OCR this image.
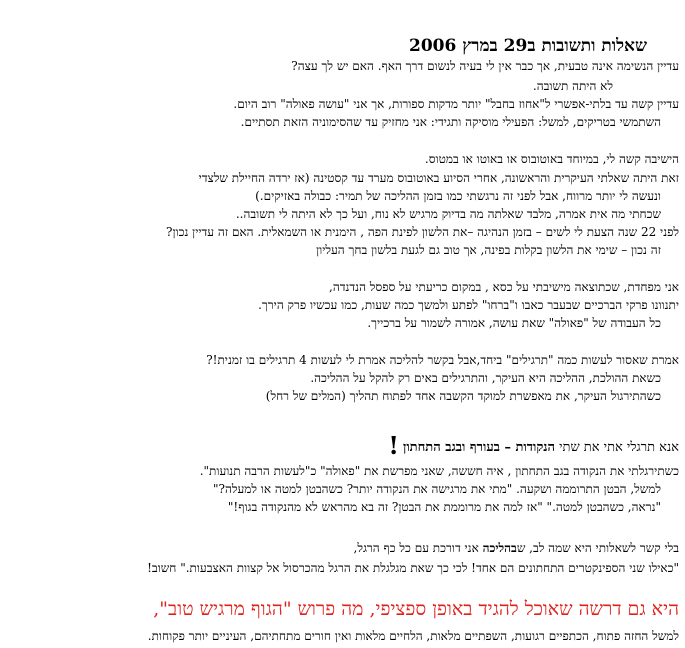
שאלות ותשובות ב29 במרץ 2006
עדיין הנשימה אינה טבעית, אך כבר אין לי בעיה לנשום דרך האף. האם יש לך עצה?
לא היתה תשובה.
עדיין קשה עד בלתי-אפשרי ל"אחוז בחבל" יותר מדקות ספורות, אך אני "עושה פאולה" רוב היום.
השתמשי בטריקים, למשל: הפעילי מוסיקה ותגידי: אני מחזיק עד שהסימוניה הזאת תסתיים.
הישיבה קשה לי, במיוחד באוטובוס או באוטו או במטוס.
זאת היתה שאלתי העיקרית והראשונה, אחרי הסיוע באוטובוס מערד עד קסטינה (אז ירדה החיילת שלצדי
ונעשה לי יותר מרווח, אבל לפני זה נרגשתי כמו בזמן ההליכה של תמיר: כבולה באזיקים.)
שכחתי מה אית אמרה, מלבד שאלתה מה בדיוק מרגיש לא נוח, ועל כך לא היתה לי תשובה..
לפני 22 שנה הצעת לי לשים – בזמן הנהיגה –את הלשון לפינת הפה , הימנית או השמאלית. האם זה עדיין נכון?
זה נכון – שימי את הלשון בקלות בפינה, אך טוב גם לגעת בלשון בחך העליון
אני מפחדת, שכתוצאה מישיבתי על כסא , במקום כריעתי על ספסל הנדנדה,
יתנוונו פרקי הברכיים שבעבר כאבו ו"ברחו" לפתע ולמשך כמה שעות, כמו עכשיו פרק הירך.
כל העבודה של "פאולה" שאת עושה, אמורה לשמור על ברכייך.
אמרת שאסור לעשות כמה "תרגילים" ביחד,אבל בקשר להליכה אמרת לי לעשות 4 תרגילים בו זמנית!?
כשאת ההולכת, ההליכה היא העיקר, והתרגילים באים רק להקל על ההליכה.
כשהתירגול העיקר, את מאפשרת למוקד הקשבה אחד לפתוח תהליך (המלים של רחל)
אנא תרגלי אתי את שתי הנקודות – בעורף ובגב התחתון !
כשתירגלתי את הנקודה בגב התחתון , איה חששה, שאני מפרשת את "פאולה" כ"לעשות הרבה תנועות".
למשל, הבטן התרוממה ושקעה. "מתי את מרגישה את הנקודה יותר? כשהבטן למטה או למעלה?"
"נראה, כשהבטן למטה." "אז למה את מרוממת את הבטן? זה בא מהראש לא מהנקודה בגוף!"
בלי קשר לשאלותי היא שמה לב, שבהליכה אני דורכת עם כל כף הרגל,
"כאילו שני הספינקטרים התחתונים הם אחד! לכי כך שאת מגלגלת את הרגל מהכרסול אל קצוות האצבעות." חשוב!
היא גם דרשה שאוכל להגיד באופן ספציפי, מה פרוש "הגוף מרגיש טוב",
למשל החזה פתוח, הכתפיים רגועות, השפתיים מלאות, הלחיים מלאות ואין חורים מתחתיהם, העיניים יותר פקוחות.
